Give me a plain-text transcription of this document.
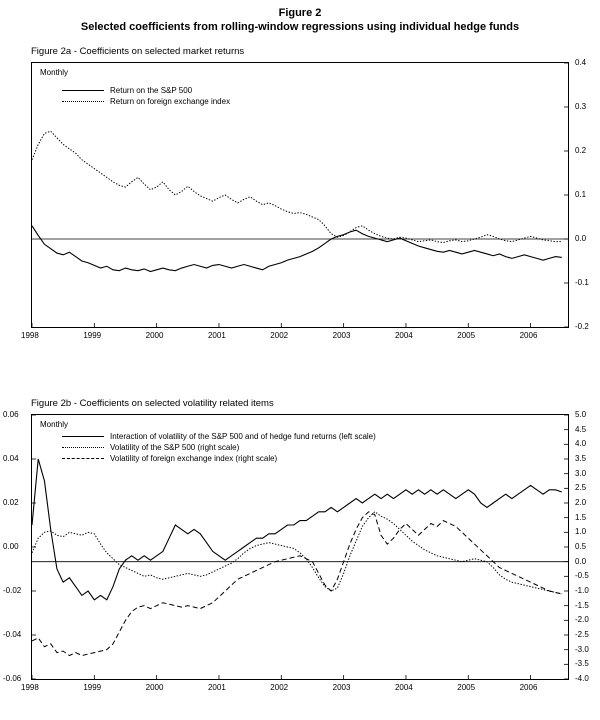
Figure 2
Selected coefficients from rolling-window regressions using individual hedge funds
Figure 2a - Coefficients on selected market returns
Monthly
Return on the S&P 500
Return on foreign exchange index
0.4
0.3
0.2
0.1
0.0
-0.1
-0.2
1998	1999	2000	2001	2002	2003	2004	2005	2006
Figure 2b - Coefficients on selected volatility related items
Monthly
Interaction of volatility of the S&P 500 and of hedge fund returns (left scale)
Volatility of the S&P 500 (right scale)
Volatility of foreign exchange index (right scale)
0.06
0.04
0.02
0.00
-0.02
-0.04
-0.06
5.0
4.5
4.0
3.5
3.0
2.5
2.0
1.5
1.0
0.5
0.0
-0.5
-1.0
-1.5
-2.0
-2.5
-3.0
-3.5
-4.0
1998	1999	2000	2001	2002	2003	2004	2005	2006
